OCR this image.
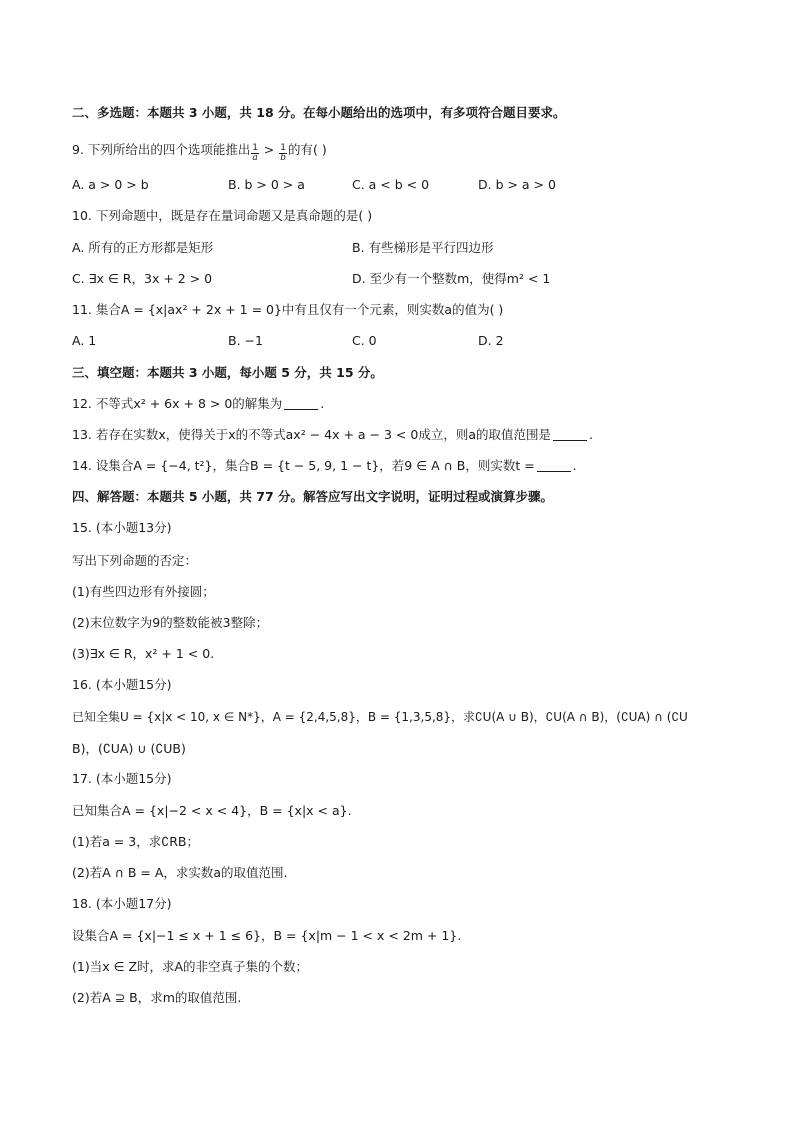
二、多选题：本题共 3 小题，共 18 分。在每小题给出的选项中，有多项符合题目要求。
9. 下列所给出的四个选项能推出 $\frac{1}{a} > \frac{1}{b}$ 的有( )
A. a > 0 > b	B. b > 0 > a	C. a < b < 0	D. b > a > 0
10. 下列命题中，既是存在量词命题又是真命题的是( )
A. 所有的正方形都是矩形	B. 有些梯形是平行四边形
C. ∃x ∈ R，3x + 2 > 0	D. 至少有一个整数m，使得m² < 1
11. 集合A = {x|ax² + 2x + 1 = 0}中有且仅有一个元素，则实数a的值为( )
A. 1	B. −1	C. 0	D. 2
三、填空题：本题共 3 小题，每小题 5 分，共 15 分。
12. 不等式x² + 6x + 8 > 0的解集为	.
13. 若存在实数x，使得关于x的不等式ax² − 4x + a − 3 < 0成立，则a的取值范围是	.
14. 设集合A = {−4, t²}，集合B = {t − 5, 9, 1 − t}，若9 ∈ A ∩ B，则实数t =	.
四、解答题：本题共 5 小题，共 77 分。解答应写出文字说明，证明过程或演算步骤。
15. (本小题13分)
写出下列命题的否定：
(1)有些四边形有外接圆；
(2)末位数字为9的整数能被3整除；
(3)∃x ∈ R，x² + 1 < 0.
16. (本小题15分)
已知全集U = {x|x < 10, x ∈ N*}，A = {2,4,5,8}，B = {1,3,5,8}，求∁U(A ∪ B)，∁U(A ∩ B)，(∁UA) ∩ (∁U
B)，(∁UA) ∪ (∁UB)
17. (本小题15分)
已知集合A = {x|−2 < x < 4}，B = {x|x < a}.
(1)若a = 3，求∁RB；
(2)若A ∩ B = A，求实数a的取值范围.
18. (本小题17分)
设集合A = {x|−1 ≤ x + 1 ≤ 6}，B = {x|m − 1 < x < 2m + 1}.
(1)当x ∈ Z时，求A的非空真子集的个数；
(2)若A ⊇ B，求m的取值范围.
